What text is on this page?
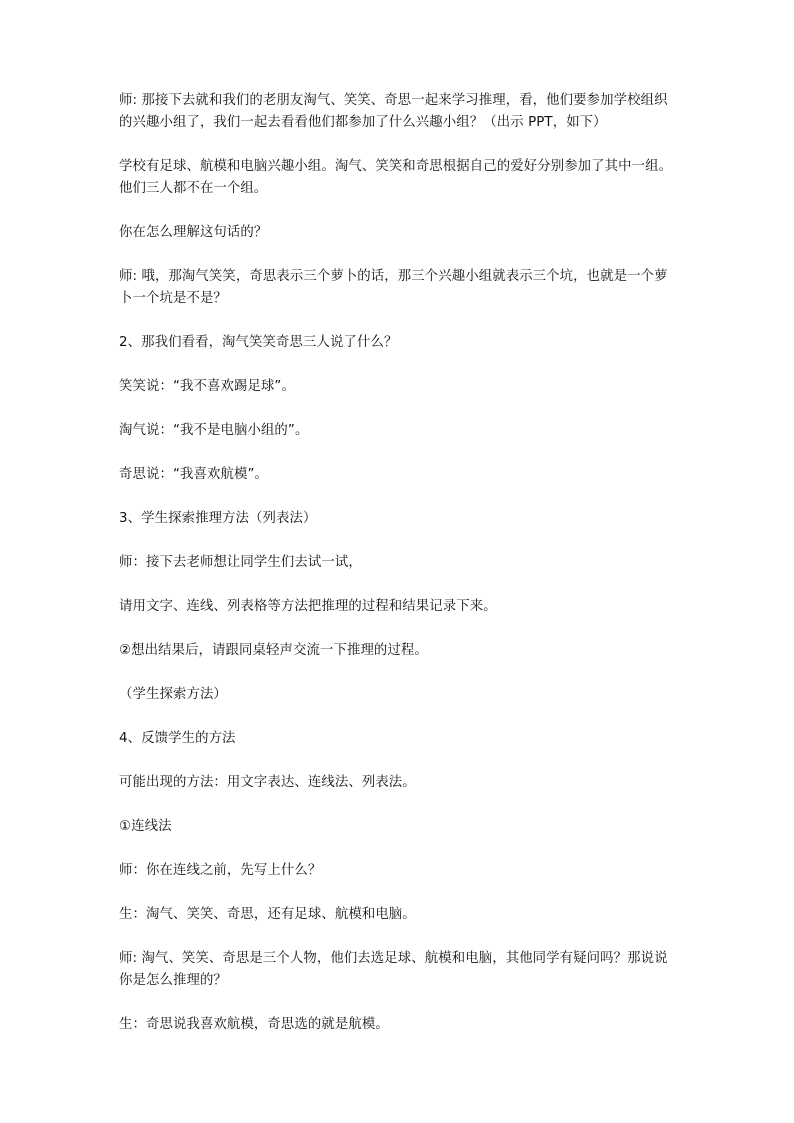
师: 那接下去就和我们的老朋友淘气、笑笑、奇思一起来学习推理，看，他们要参加学校组织的兴趣小组了，我们一起去看看他们都参加了什么兴趣小组？（出示 PPT，如下）

学校有足球、航模和电脑兴趣小组。淘气、笑笑和奇思根据自己的爱好分别参加了其中一组。他们三人都不在一个组。

你在怎么理解这句话的？

师: 哦，那淘气笑笑，奇思表示三个萝卜的话，那三个兴趣小组就表示三个坑，也就是一个萝卜一个坑是不是？

2、那我们看看，淘气笑笑奇思三人说了什么？

笑笑说：“我不喜欢踢足球”。

淘气说：“我不是电脑小组的”。

奇思说：“我喜欢航模”。

3、学生探索推理方法（列表法）

师：接下去老师想让同学生们去试一试，

请用文字、连线、列表格等方法把推理的过程和结果记录下来。

②想出结果后，请跟同桌轻声交流一下推理的过程。

（学生探索方法）

4、反馈学生的方法

可能出现的方法：用文字表达、连线法、列表法。

①连线法

师：你在连线之前，先写上什么？

生：淘气、笑笑、奇思，还有足球、航模和电脑。

师: 淘气、笑笑、奇思是三个人物，他们去选足球、航模和电脑，其他同学有疑问吗？那说说你是怎么推理的？

生：奇思说我喜欢航模，奇思选的就是航模。
